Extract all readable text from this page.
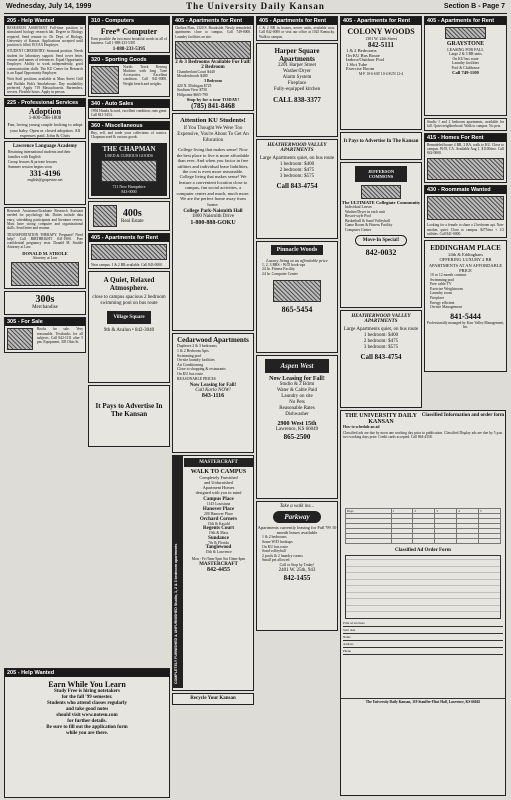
Wednesday, July 14, 1999	The University Daily Kansan	Section B - Page 7
205 - Help Wanted
RESEARCH ASSISTANT Full-time position in stimulated biology research lab. Degree in Biology required. Send resume to: Dr. Dept. of Biology, University of Kansas. Applications accepted until position is filled. EO/AA Employer.
STUDENT CHEMISTRY: Seasonal position. Needs student for laboratory support. Send cover letter, resume and names of references. Equal Opportunity Employer. Ability to work independently, good communication skills. The KU Center for Research is an Equal Opportunity Employer.
Wait Staff positions available at Mass Street Grill and Buffalo Bob's Smokehouse. Day availability preferred. Apply 719 Massachusetts. Bartenders, servers. Flexible hours. Apply in person.
225 - Professional Services
Adoption
1-800-598-1808
Fun, loving young couple looking to adopt your baby. Open or closed adoption. All expenses paid. John & Chris
Lawrence Language Academy
Retaining international students and their families with English
Group lessons & private lessons
Summer session begins soon
331-4196
english@grapevine.net
Research Assistance/Graduate Research Assistant needed for psychology lab. Duties include data entry, scheduling participants and literature review. Must have strong computer and organizational skills. Send letter and resume.
TRANSPORTATION THERAPY. Pregnant? Need help? Call BIRTHRIGHT 841-1900. Free confidential pregnancy tests. Donald M. Stroble Attorney at Law.
DONALD M. STROLE
Attorney at Law
300s
Merchandise
305 - For Sale
Books for sale. Very reasonable. Textbooks for all subjects. Call 842-1111 after 5 pm. Equipment, 305 Ohio St.
205 - Help Wanted
Earn While You Learn
Study Free is hiring notetakers
for the fall '99 semester.
Students who attend classes regularly
and take good notes
should visit www.notesu.com
for further details.
Be sure to fill out the application form
while you are there.
310 - Computers
Free* Computer
Earn possible the two most beautiful words in all of business. Call 1-888-233-5395
1-888-233-5395
320 - Sporting Goods
Nordic Track Rowing Machine with long Tone Accessories. Excellent condition. Call 841-0000. Weight bench and weights.
340 - Auto Sales
1994 Honda Accord, excellent condition, runs great. Call 841-5454.
360 - Miscellaneous
Buy, sell, and trade your collections of comics. Chapman used & curious goods.
THE CHAPMAN
USED & CURIOUS GOODS
711 New Hampshire
843-0000
400s
Real Estate
405 - Apartments for Rent
Near campus. 1 & 2 BR available. Call 843-0000.
A Quiet, Relaxed Atmosphere.
close to campus spacious 2 bedroom swimming pool on bus route
Village Square
9th & Avalon • 842-3040
It Pays to Advertise In The Kansan
405 - Apartments for Rent
Chelsea Flats, 1320 S. Brookside. Newly remodeled apartments close to campus. Call 749-0000. Laundry facilities on site.
2 & 3 Bedrooms Available For Fall!
2 Bedroom
Chamberlain Court $440
Meadowbrook $480
3 Bedroom
420 N. Michigan $725
Stadium View $750
Hillpointe $665-790
Stop by for a tour TODAY!
(785) 841-8468
Attention KU Students!
If You Thought We Were Too Expensive, You're About To Get An Education
College living that makes sense! Now the best place to live is more affordable than ever. And when you factor in free utilities and individual lease liabilities, the cost is even more reasonable. College living that makes sense! We feature a convenient location close to campus, fun social activities, a computer center and much, much more. We are the perfect home away from home.
College Park-Naismith Hall
1800 Naismith Drive
1-800-888-GOKU
Cedarwood Apartments
Duplexes 2 & 3 bedrooms
1 & 2 Bedroom Apts.
Swimming pool
On-site laundry facilities
Air Conditioning
Close to shopping & restaurants
On KU bus route
REASONABLE PRICES
Now Leasing for Fall!
Call Karla NOW!
843-1116
COMPLETELY FURNISHED & UNFURNISHED Studio, 1, 2 & 3 bedroom apartments
MASTERCRAFT
WALK TO CAMPUS
Completely Furnished
and Unfurnished
Apartment Homes
designed with you in mind
Campus Place
1145 Louisiana
Hanover Place
200 Hanover Place
Orchard Corners
15th & Kasold
Regents Court
19th & Mass
Sundance
7th & Florida
Tanglewood
15th & Lawrence
Mon - Fri 9am-5pm Sat 10am-4pm
MASTERCRAFT
842-4455
Recycle Your Kansan
405 - Apartments for Rent
1 & 2 BR in houses, newer units, available now. Call 842-0000 or visit our office at 1025 Kentucky. Walk to campus.
Harper Square Apartments
2201 Harper Street
Washer/Dryer
Alarm System
Fireplace
Fully-equipped kitchen
CALL 838-3377
HEATHERWOOD VALLEY APARTMENTS
Large Apartments quiet, on bus route
1 bedroom: $400
2 bedroom: $475
3 bedroom: $575
Call 843-4754
Pinnacle Woods
Luxury living at an affordable price
1, 2, 3 BRS - W/D hook-ups
24 hr. Fitness Facility
24 hr. Computer Center
865-5454
Aspen West
Now Leasing for Fall!
Studio & 2 Bdrm
Water & Cable Paid
Laundry on site
No Pets
Reasonable Rates
Dishwasher
2900 West 15th
Lawrence, KS 66049
865-2500
Take a walk ins...
Parkway
Apartments currently leasing for Fall '99 10 month leases available
1 & 2 bedrooms
Some W/D hookups
On KU bus route
Sand volleyball
2 pools & 2 laundry rooms
Small pet allowed
Call or Stop by Today!
2401 W. 25th, 943
842-1455
405 - Apartments for Rent
COLONY WOODS
1301 W. 24th Street
842-5111
1 & 2 Bedrooms
On KU Bus Route
Indoor/Outdoor Pool
1 Slot Tube
Exercise Room
M-F 10-6 SAT 10-4 SUN 12-4
It Pays to Advertise In The Kansan
JEFFERSON COMMONS
The ULTIMATE Collegiate Community
Individual Leases
Washer/Dryer in each unit
Resort-style Pool
Basketball & Sand Volleyball
Game Room & Fitness Facility
Computer Center
Move-In Special!
842-0032
HEATHERWOOD VALLEY APARTMENTS
Large Apartments quiet, on bus route
1 bedroom: $400
2 bedroom: $475
3 bedroom: $575
Call 843-4754
THE UNIVERSITY DAILY KANSAN
How to schedule an ad
Classified Information and order form
Classified ads are due by noon one working day prior to publication. Classified Display ads are due by 5 p.m. two working days prior. Credit cards accepted. Call 864-4358.
Days	1	2	3	4	5

Classified Ad Order Form
Print ad text here
Start date
Name
Address
Phone
The University Daily Kansan, 119 Stauffer-Flint Hall, Lawrence, KS 66045
405 - Apartments for Rent
GRAYSTONE
LEASING FOR FALL
Large 2 & 3 BR units
On KU bus route
Laundry facilities
Pool & Clubhouse
Call 749-1100
Studio 1 and 2 bedroom apartments, available for fall. Quiet neighborhood. Walk to campus. No pets.
415 - Homes For Rent
Remodeled house 4 BR, 2 BA, walk to KU. Close to campus. W/D, CA. Available Aug 1. $1100/mo. Call 842-0000.
430 - Roommate Wanted
Looking for a female to share a 2 bedroom apt. Non-smoker, quiet. Close to campus. $275/mo + 1/2 utilities. Call 841-0000.
EDDINGHAM PLACE
24th & Eddingham
OFFERING LUXURY 2 BR APARTMENTS AT AN AFFORDABLE PRICE
10 or 12 month contract
Swimming pool
Free cable TV
Exercise Weightroom
Laundry room
Fireplace
Energy efficient
On-site Management
841-5444
Professionally managed by Kaw Valley Management, Inc.
